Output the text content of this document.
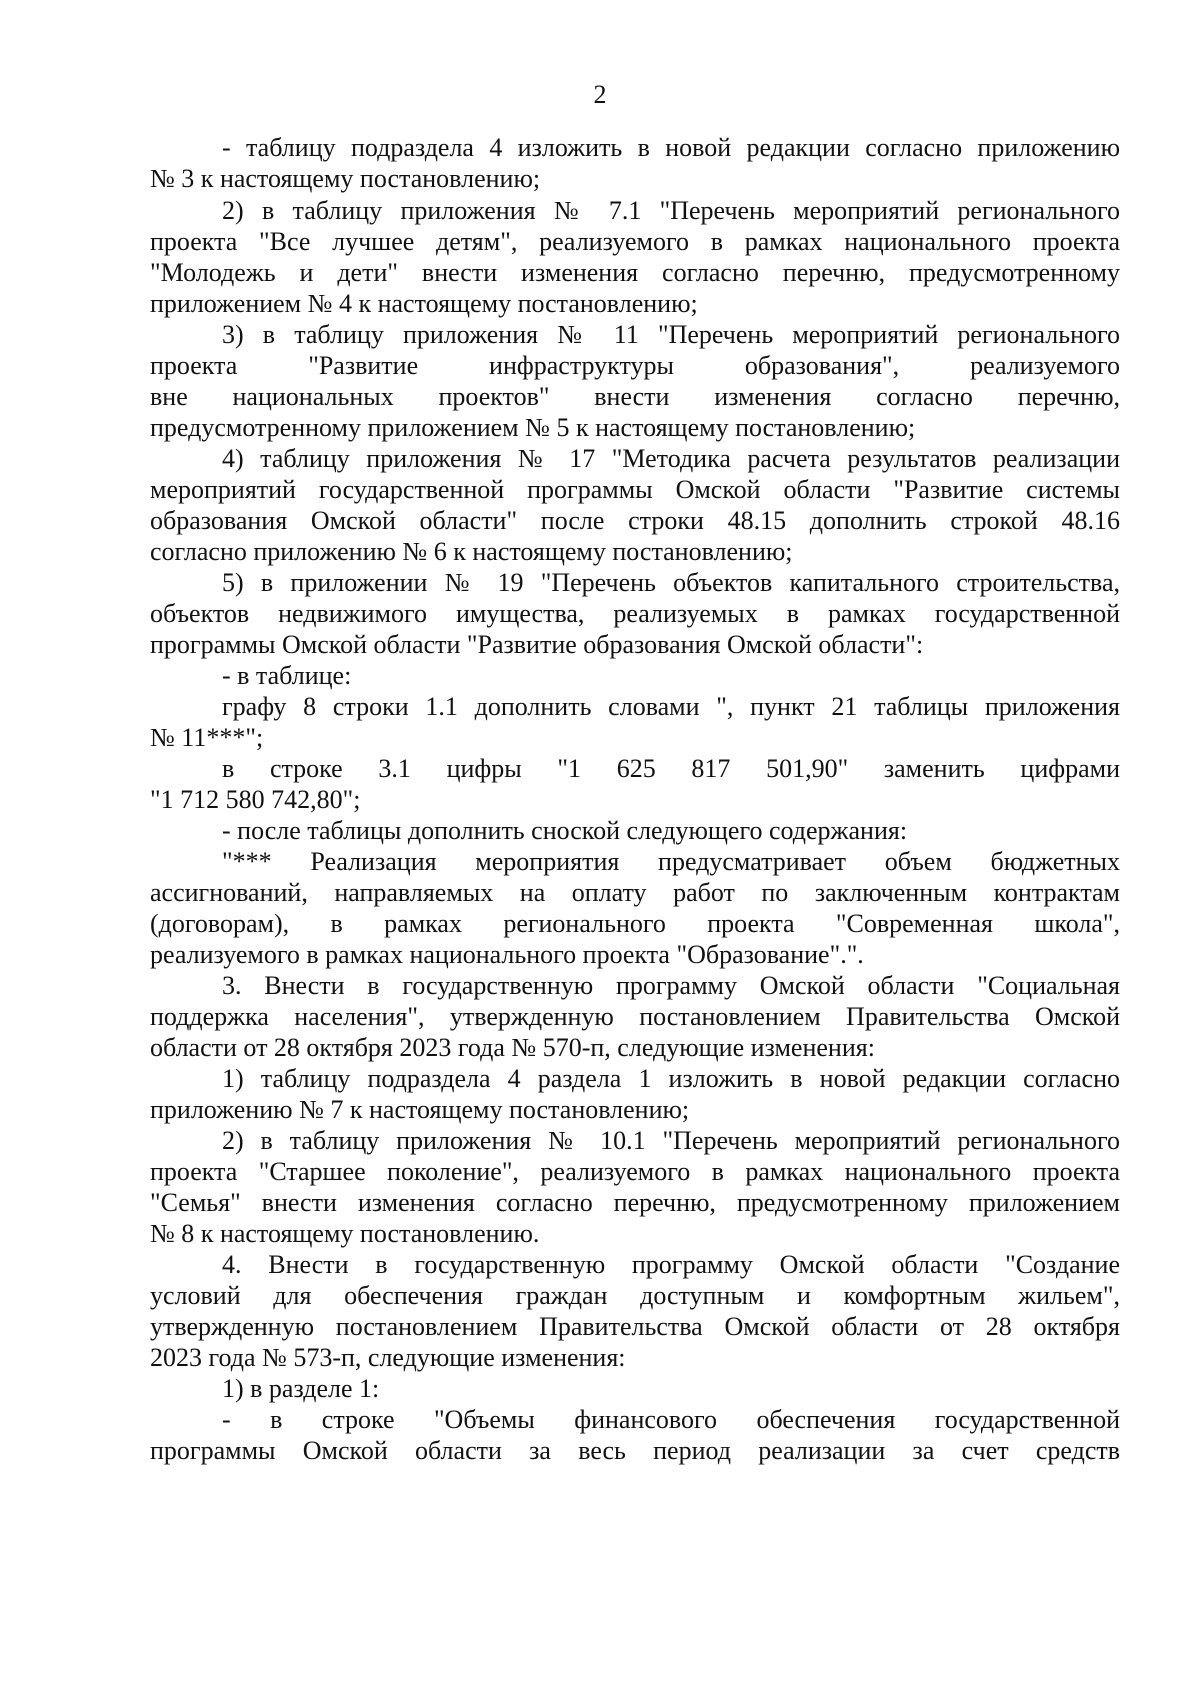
2
- таблицу подраздела 4 изложить в новой редакции согласно приложению
№ 3 к настоящему постановлению;
2) в таблицу приложения № 7.1 "Перечень мероприятий регионального
проекта "Все лучшее детям", реализуемого в рамках национального проекта
"Молодежь и дети" внести изменения согласно перечню, предусмотренному
приложением № 4 к настоящему постановлению;
3) в таблицу приложения № 11 "Перечень мероприятий регионального
проекта "Развитие инфраструктуры образования", реализуемого
вне национальных проектов" внести изменения согласно перечню,
предусмотренному приложением № 5 к настоящему постановлению;
4) таблицу приложения № 17 "Методика расчета результатов реализации
мероприятий государственной программы Омской области "Развитие системы
образования Омской области" после строки 48.15 дополнить строкой 48.16
согласно приложению № 6 к настоящему постановлению;
5) в приложении № 19 "Перечень объектов капитального строительства,
объектов недвижимого имущества, реализуемых в рамках государственной
программы Омской области "Развитие образования Омской области":
- в таблице:
графу 8 строки 1.1 дополнить словами ", пункт 21 таблицы приложения
№ 11***";
в строке 3.1 цифры "1 625 817 501,90" заменить цифрами
"1 712 580 742,80";
- после таблицы дополнить сноской следующего содержания:
"*** Реализация мероприятия предусматривает объем бюджетных
ассигнований, направляемых на оплату работ по заключенным контрактам
(договорам), в рамках регионального проекта "Современная школа",
реализуемого в рамках национального проекта "Образование".".
3. Внести в государственную программу Омской области "Социальная
поддержка населения", утвержденную постановлением Правительства Омской
области от 28 октября 2023 года № 570-п, следующие изменения:
1) таблицу подраздела 4 раздела 1 изложить в новой редакции согласно
приложению № 7 к настоящему постановлению;
2) в таблицу приложения № 10.1 "Перечень мероприятий регионального
проекта "Старшее поколение", реализуемого в рамках национального проекта
"Семья" внести изменения согласно перечню, предусмотренному приложением
№ 8 к настоящему постановлению.
4. Внести в государственную программу Омской области "Создание
условий для обеспечения граждан доступным и комфортным жильем",
утвержденную постановлением Правительства Омской области от 28 октября
2023 года № 573-п, следующие изменения:
1) в разделе 1:
- в строке "Объемы финансового обеспечения государственной
программы Омской области за весь период реализации за счет средств
